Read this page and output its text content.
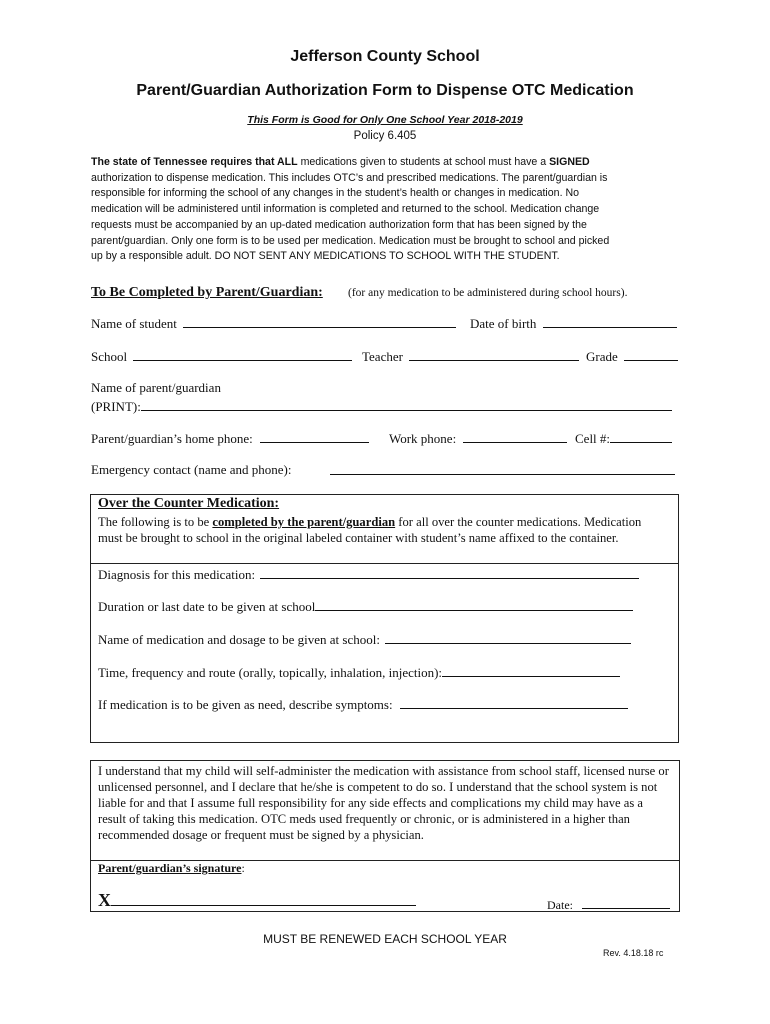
Jefferson County School
Parent/Guardian Authorization Form to Dispense OTC Medication
This Form is Good for Only One School Year 2018-2019
Policy 6.405
The state of Tennessee requires that ALL medications given to students at school must have a SIGNED
authorization to dispense medication. This includes OTC’s and prescribed medications. The parent/guardian is
responsible for informing the school of any changes in the student’s health or changes in medication. No
medication will be administered until information is completed and returned to the school. Medication change
requests must be accompanied by an up-dated medication authorization form that has been signed by the
parent/guardian. Only one form is to be used per medication. Medication must be brought to school and picked
up by a responsible adult. DO NOT SENT ANY MEDICATIONS TO SCHOOL WITH THE STUDENT.
To Be Completed by Parent/Guardian: (for any medication to be administered during school hours).
Name of student	Date of birth
School	Teacher	Grade
Name of parent/guardian
(PRINT):
Parent/guardian’s home phone:	Work phone:	Cell #:
Emergency contact (name and phone):
Over the Counter Medication:
The following is to be completed by the parent/guardian for all over the counter medications. Medication must be brought to school in the original labeled container with student’s name affixed to the container.
Diagnosis for this medication:
Duration or last date to be given at school
Name of medication and dosage to be given at school:
Time, frequency and route (orally, topically, inhalation, injection):
If medication is to be given as need, describe symptoms:
I understand that my child will self-administer the medication with assistance from school staff, licensed nurse or unlicensed personnel, and I declare that he/she is competent to do so. I understand that the school system is not liable for and that I assume full responsibility for any side effects and complications my child may have as a result of taking this medication. OTC meds used frequently or chronic, or is administered in a higher than recommended dosage or frequent must be signed by a physician.
Parent/guardian’s signature:
X	Date:
MUST BE RENEWED EACH SCHOOL YEAR
Rev. 4.18.18 rc
